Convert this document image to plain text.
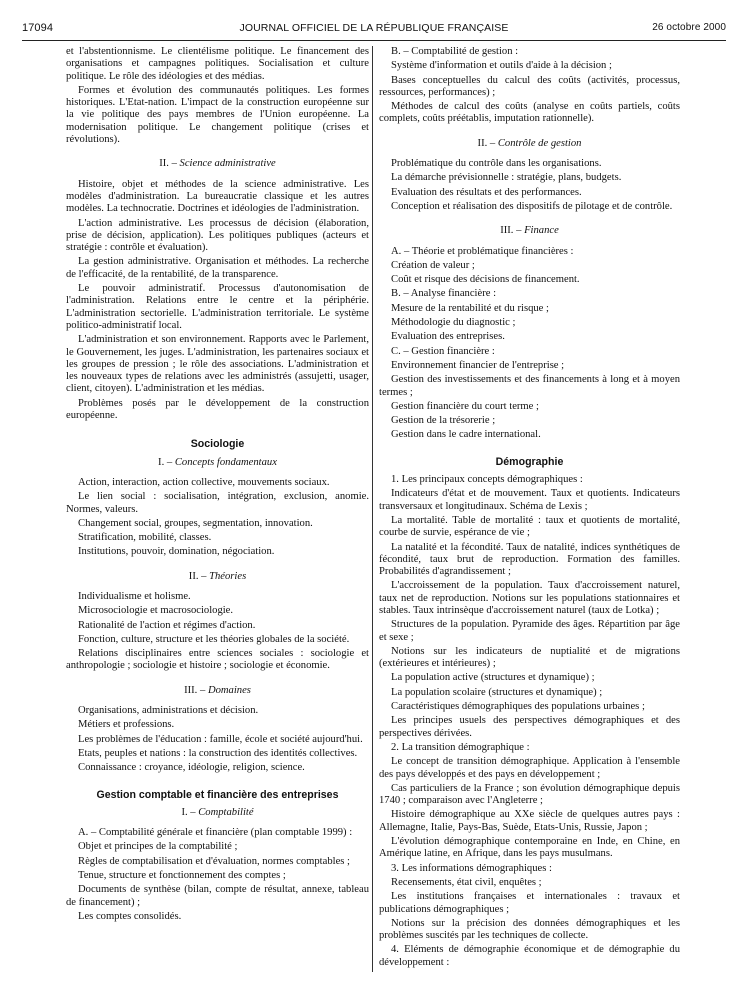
17094	JOURNAL OFFICIEL DE LA RÉPUBLIQUE FRANÇAISE	26 octobre 2000

et l'abstentionnisme. Le clientélisme politique. Le financement des organisations et campagnes politiques. Socialisation et culture politique. Le rôle des idéologies et des médias.

Formes et évolution des communautés politiques. Les formes historiques. L'Etat-nation. L'impact de la construction européenne sur la vie politique des pays membres de l'Union européenne. La modernisation politique. Le changement politique (crises et révolutions).

II. – Science administrative

Histoire, objet et méthodes de la science administrative. Les modèles d'administration. La bureaucratie classique et les autres modèles. La technocratie. Doctrines et idéologies de l'administration.

L'action administrative. Les processus de décision (élaboration, prise de décision, application). Les politiques publiques (acteurs et stratégie : contrôle et évaluation).

La gestion administrative. Organisation et méthodes. La recherche de l'efficacité, de la rentabilité, de la transparence.

Le pouvoir administratif. Processus d'autonomisation de l'administration. Relations entre le centre et la périphérie. L'administration sectorielle. L'administration territoriale. Le système politico-administratif local.

L'administration et son environnement. Rapports avec le Parlement, le Gouvernement, les juges. L'administration, les partenaires sociaux et les groupes de pression ; le rôle des associations. L'administration et les nouveaux types de relations avec les administrés (assujetti, usager, client, citoyen). L'administration et les médias.

Problèmes posés par le développement de la construction européenne.

Sociologie
I. – Concepts fondamentaux

Action, interaction, action collective, mouvements sociaux.

Le lien social : socialisation, intégration, exclusion, anomie. Normes, valeurs.

Changement social, groupes, segmentation, innovation.

Stratification, mobilité, classes.

Institutions, pouvoir, domination, négociation.

II. – Théories

Individualisme et holisme.

Microsociologie et macrosociologie.

Rationalité de l'action et régimes d'action.

Fonction, culture, structure et les théories globales de la société.

Relations disciplinaires entre sciences sociales : sociologie et anthropologie ; sociologie et histoire ; sociologie et économie.

III. – Domaines

Organisations, administrations et décision.

Métiers et professions.

Les problèmes de l'éducation : famille, école et société aujourd'hui.

Etats, peuples et nations : la construction des identités collectives.

Connaissance : croyance, idéologie, religion, science.

Gestion comptable et financière des entreprises
I. – Comptabilité

A. – Comptabilité générale et financière (plan comptable 1999) :

Objet et principes de la comptabilité ;

Règles de comptabilisation et d'évaluation, normes comptables ;

Tenue, structure et fonctionnement des comptes ;

Documents de synthèse (bilan, compte de résultat, annexe, tableau de financement) ;

Les comptes consolidés.

B. – Comptabilité de gestion :

Système d'information et outils d'aide à la décision ;

Bases conceptuelles du calcul des coûts (activités, processus, ressources, performances) ;

Méthodes de calcul des coûts (analyse en coûts partiels, coûts complets, coûts préétablis, imputation rationnelle).

II. – Contrôle de gestion

Problématique du contrôle dans les organisations.

La démarche prévisionnelle : stratégie, plans, budgets.

Evaluation des résultats et des performances.

Conception et réalisation des dispositifs de pilotage et de contrôle.

III. – Finance

A. – Théorie et problématique financières :

Création de valeur ;

Coût et risque des décisions de financement.

B. – Analyse financière :

Mesure de la rentabilité et du risque ;

Méthodologie du diagnostic ;

Evaluation des entreprises.

C. – Gestion financière :

Environnement financier de l'entreprise ;

Gestion des investissements et des financements à long et à moyen termes ;

Gestion financière du court terme ;

Gestion de la trésorerie ;

Gestion dans le cadre international.

Démographie

1. Les principaux concepts démographiques :

Indicateurs d'état et de mouvement. Taux et quotients. Indicateurs transversaux et longitudinaux. Schéma de Lexis ;

La mortalité. Table de mortalité : taux et quotients de mortalité, courbe de survie, espérance de vie ;

La natalité et la fécondité. Taux de natalité, indices synthétiques de fécondité, taux brut de reproduction. Formation des familles. Probabilités d'agrandissement ;

L'accroissement de la population. Taux d'accroissement naturel, taux net de reproduction. Notions sur les populations stationnaires et stables. Taux intrinsèque d'accroissement naturel (taux de Lotka) ;

Structures de la population. Pyramide des âges. Répartition par âge et sexe ;

Notions sur les indicateurs de nuptialité et de migrations (extérieures et intérieures) ;

La population active (structures et dynamique) ;

La population scolaire (structures et dynamique) ;

Caractéristiques démographiques des populations urbaines ;

Les principes usuels des perspectives démographiques et des perspectives dérivées.

2. La transition démographique :

Le concept de transition démographique. Application à l'ensemble des pays développés et des pays en développement ;

Cas particuliers de la France ; son évolution démographique depuis 1740 ; comparaison avec l'Angleterre ;

Histoire démographique au XXe siècle de quelques autres pays : Allemagne, Italie, Pays-Bas, Suède, Etats-Unis, Russie, Japon ;

L'évolution démographique contemporaine en Inde, en Chine, en Amérique latine, en Afrique, dans les pays musulmans.

3. Les informations démographiques :

Recensements, état civil, enquêtes ;

Les institutions françaises et internationales : travaux et publications démographiques ;

Notions sur la précision des données démographiques et les problèmes suscités par les techniques de collecte.

4. Eléments de démographie économique et de démographie du développement :
